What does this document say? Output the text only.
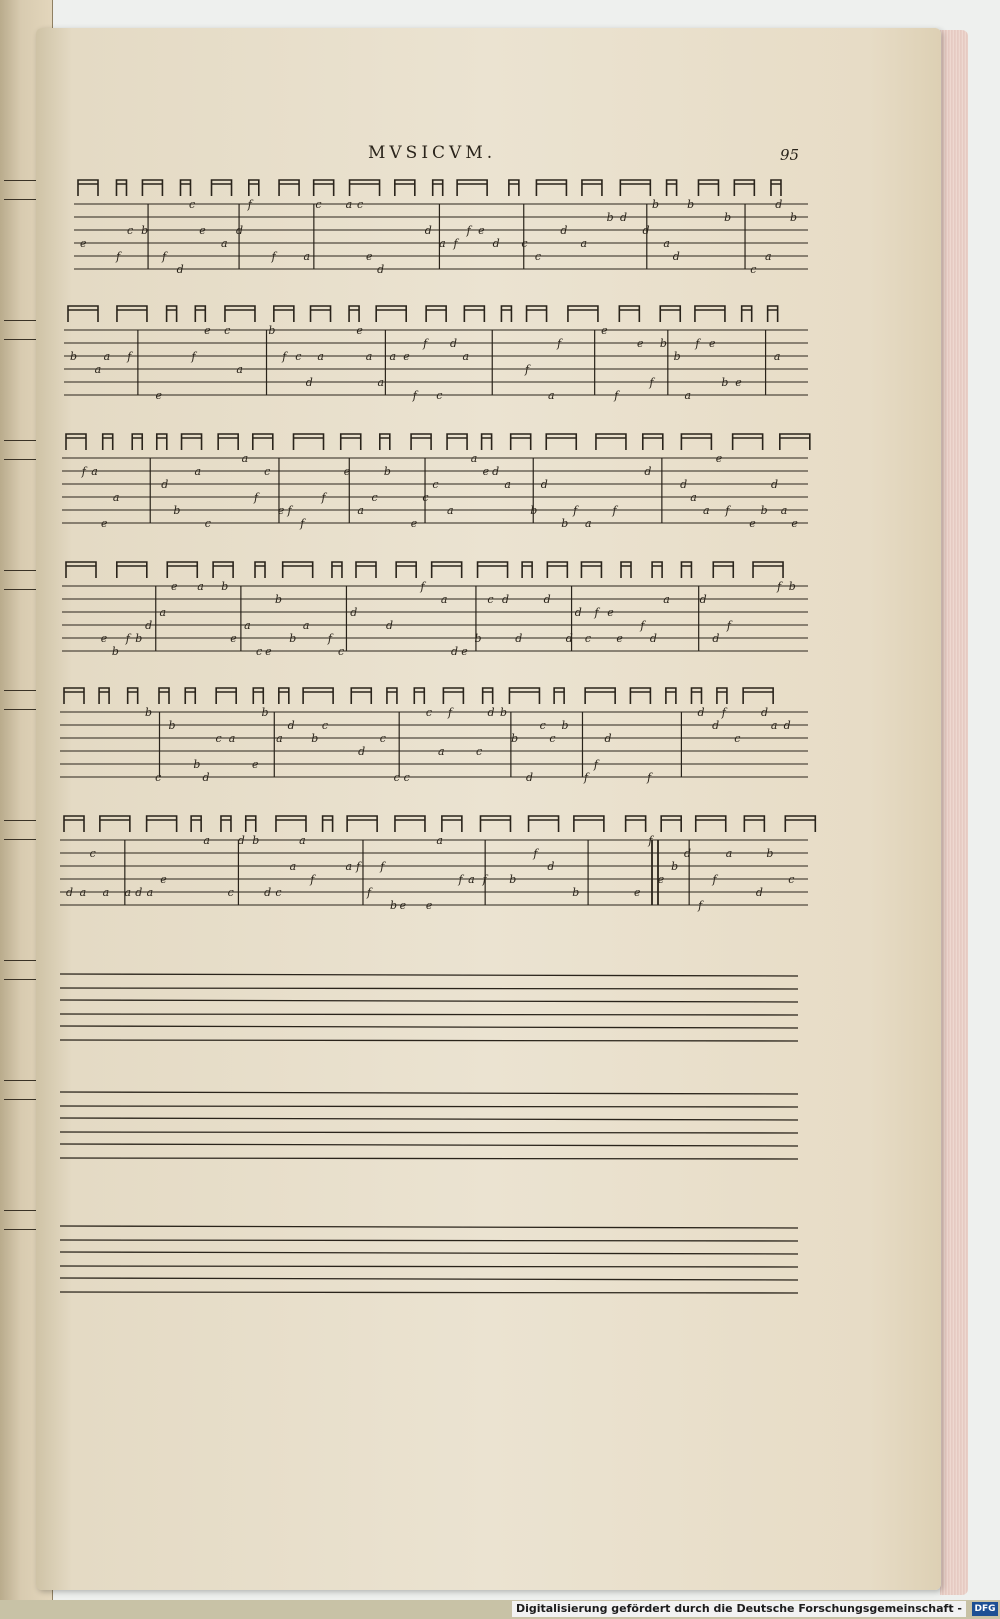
MVSICVM.	95
e
f
c b
f
d
c
e
a
d
f
f	a
c a c
e
d
d
a f
f e
d c
c
d
a
b d
d
b
a
d
b
b
c
a
d
b
b
a
a f
e
f
e c
a
b
f c
d
a
e
a
a
a e
f
f
c
d
a
f
a
f
e
f
e
f
b
b
a
f e
b e
a
f a
e
a
d
b
a
c
a
f
c
e f
f
f
e
a
c
b
e
c
c
a
a
e d
a
b
d
b
f
a
f
d
d
a
a
e
f
e
b
d
a
e
e
b
f b
d
a
e a b
e
a
c e
b
b
a
f
c
d
d
f
a
d e
b
c d
d
d
d
d
c
f e
e
f
d
a	d
d
f
f b
b
c
b
b
d
c a
e
b
a
d
b
c
d
c
c c
c
a
f
c
d b
b
d
c
c
b
f
f
d
f
d
d
f
c
d
a d
d a
c
a a d a
e
a
c
d b
d c
a
a
f
a f
f
f
b e e
a
f a f b
f
d
b	e
f
e
b
d
f
f
a
d
b
c
Digitalisierung gefördert durch die Deutsche Forschungsgemeinschaft -	DFG
